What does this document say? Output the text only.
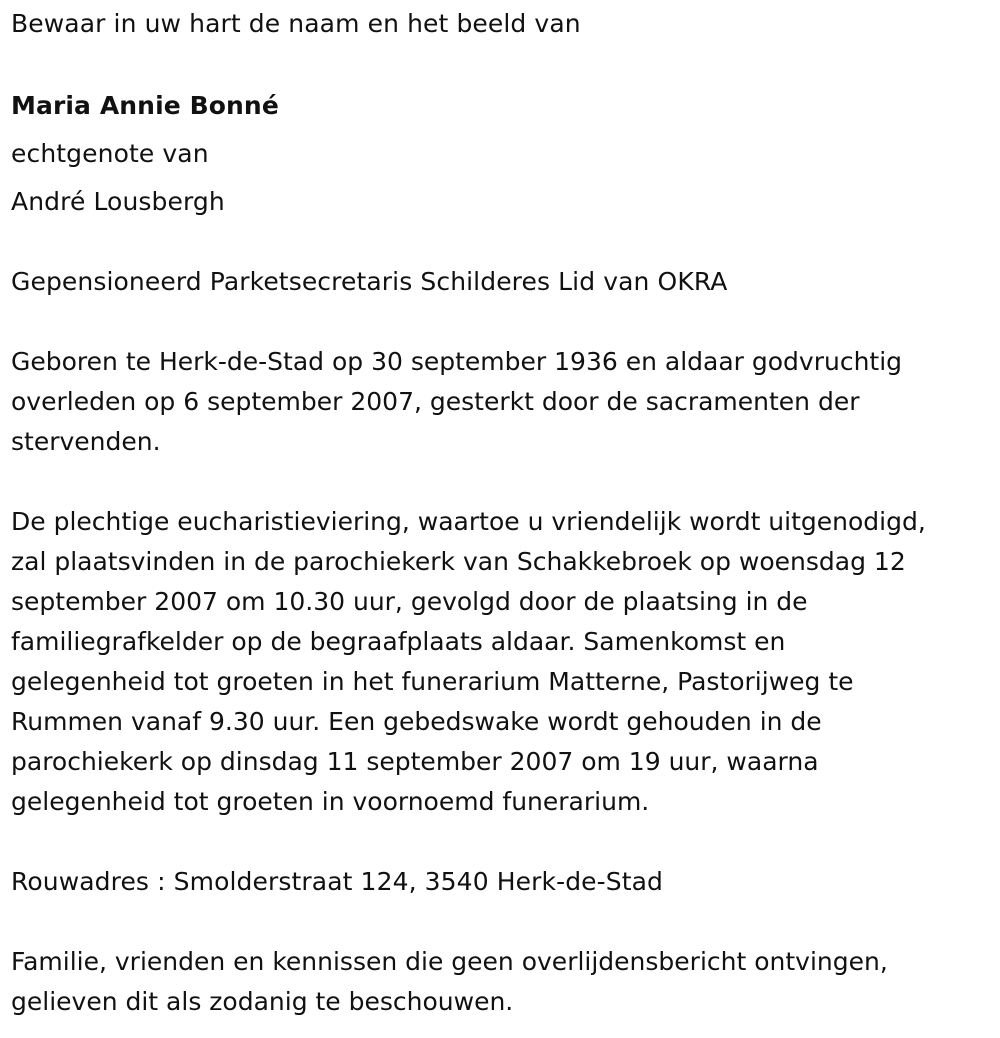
Bewaar in uw hart de naam en het beeld van

Maria Annie Bonné

echtgenote van

André Lousbergh

Gepensioneerd Parketsecretaris Schilderes Lid van OKRA

Geboren te Herk-de-Stad op 30 september 1936 en aldaar godvruchtig
overleden op 6 september 2007, gesterkt door de sacramenten der
stervenden.
De plechtige eucharistieviering, waartoe u vriendelijk wordt uitgenodigd,
zal plaatsvinden in de parochiekerk van Schakkebroek op woensdag 12
september 2007 om 10.30 uur, gevolgd door de plaatsing in de
familiegrafkelder op de begraafplaats aldaar. Samenkomst en
gelegenheid tot groeten in het funerarium Matterne, Pastorijweg te
Rummen vanaf 9.30 uur. Een gebedswake wordt gehouden in de
parochiekerk op dinsdag 11 september 2007 om 19 uur, waarna
gelegenheid tot groeten in voornoemd funerarium.

Rouwadres : Smolderstraat 124, 3540 Herk-de-Stad

Familie, vrienden en kennissen die geen overlijdensbericht ontvingen,
gelieven dit als zodanig te beschouwen.
